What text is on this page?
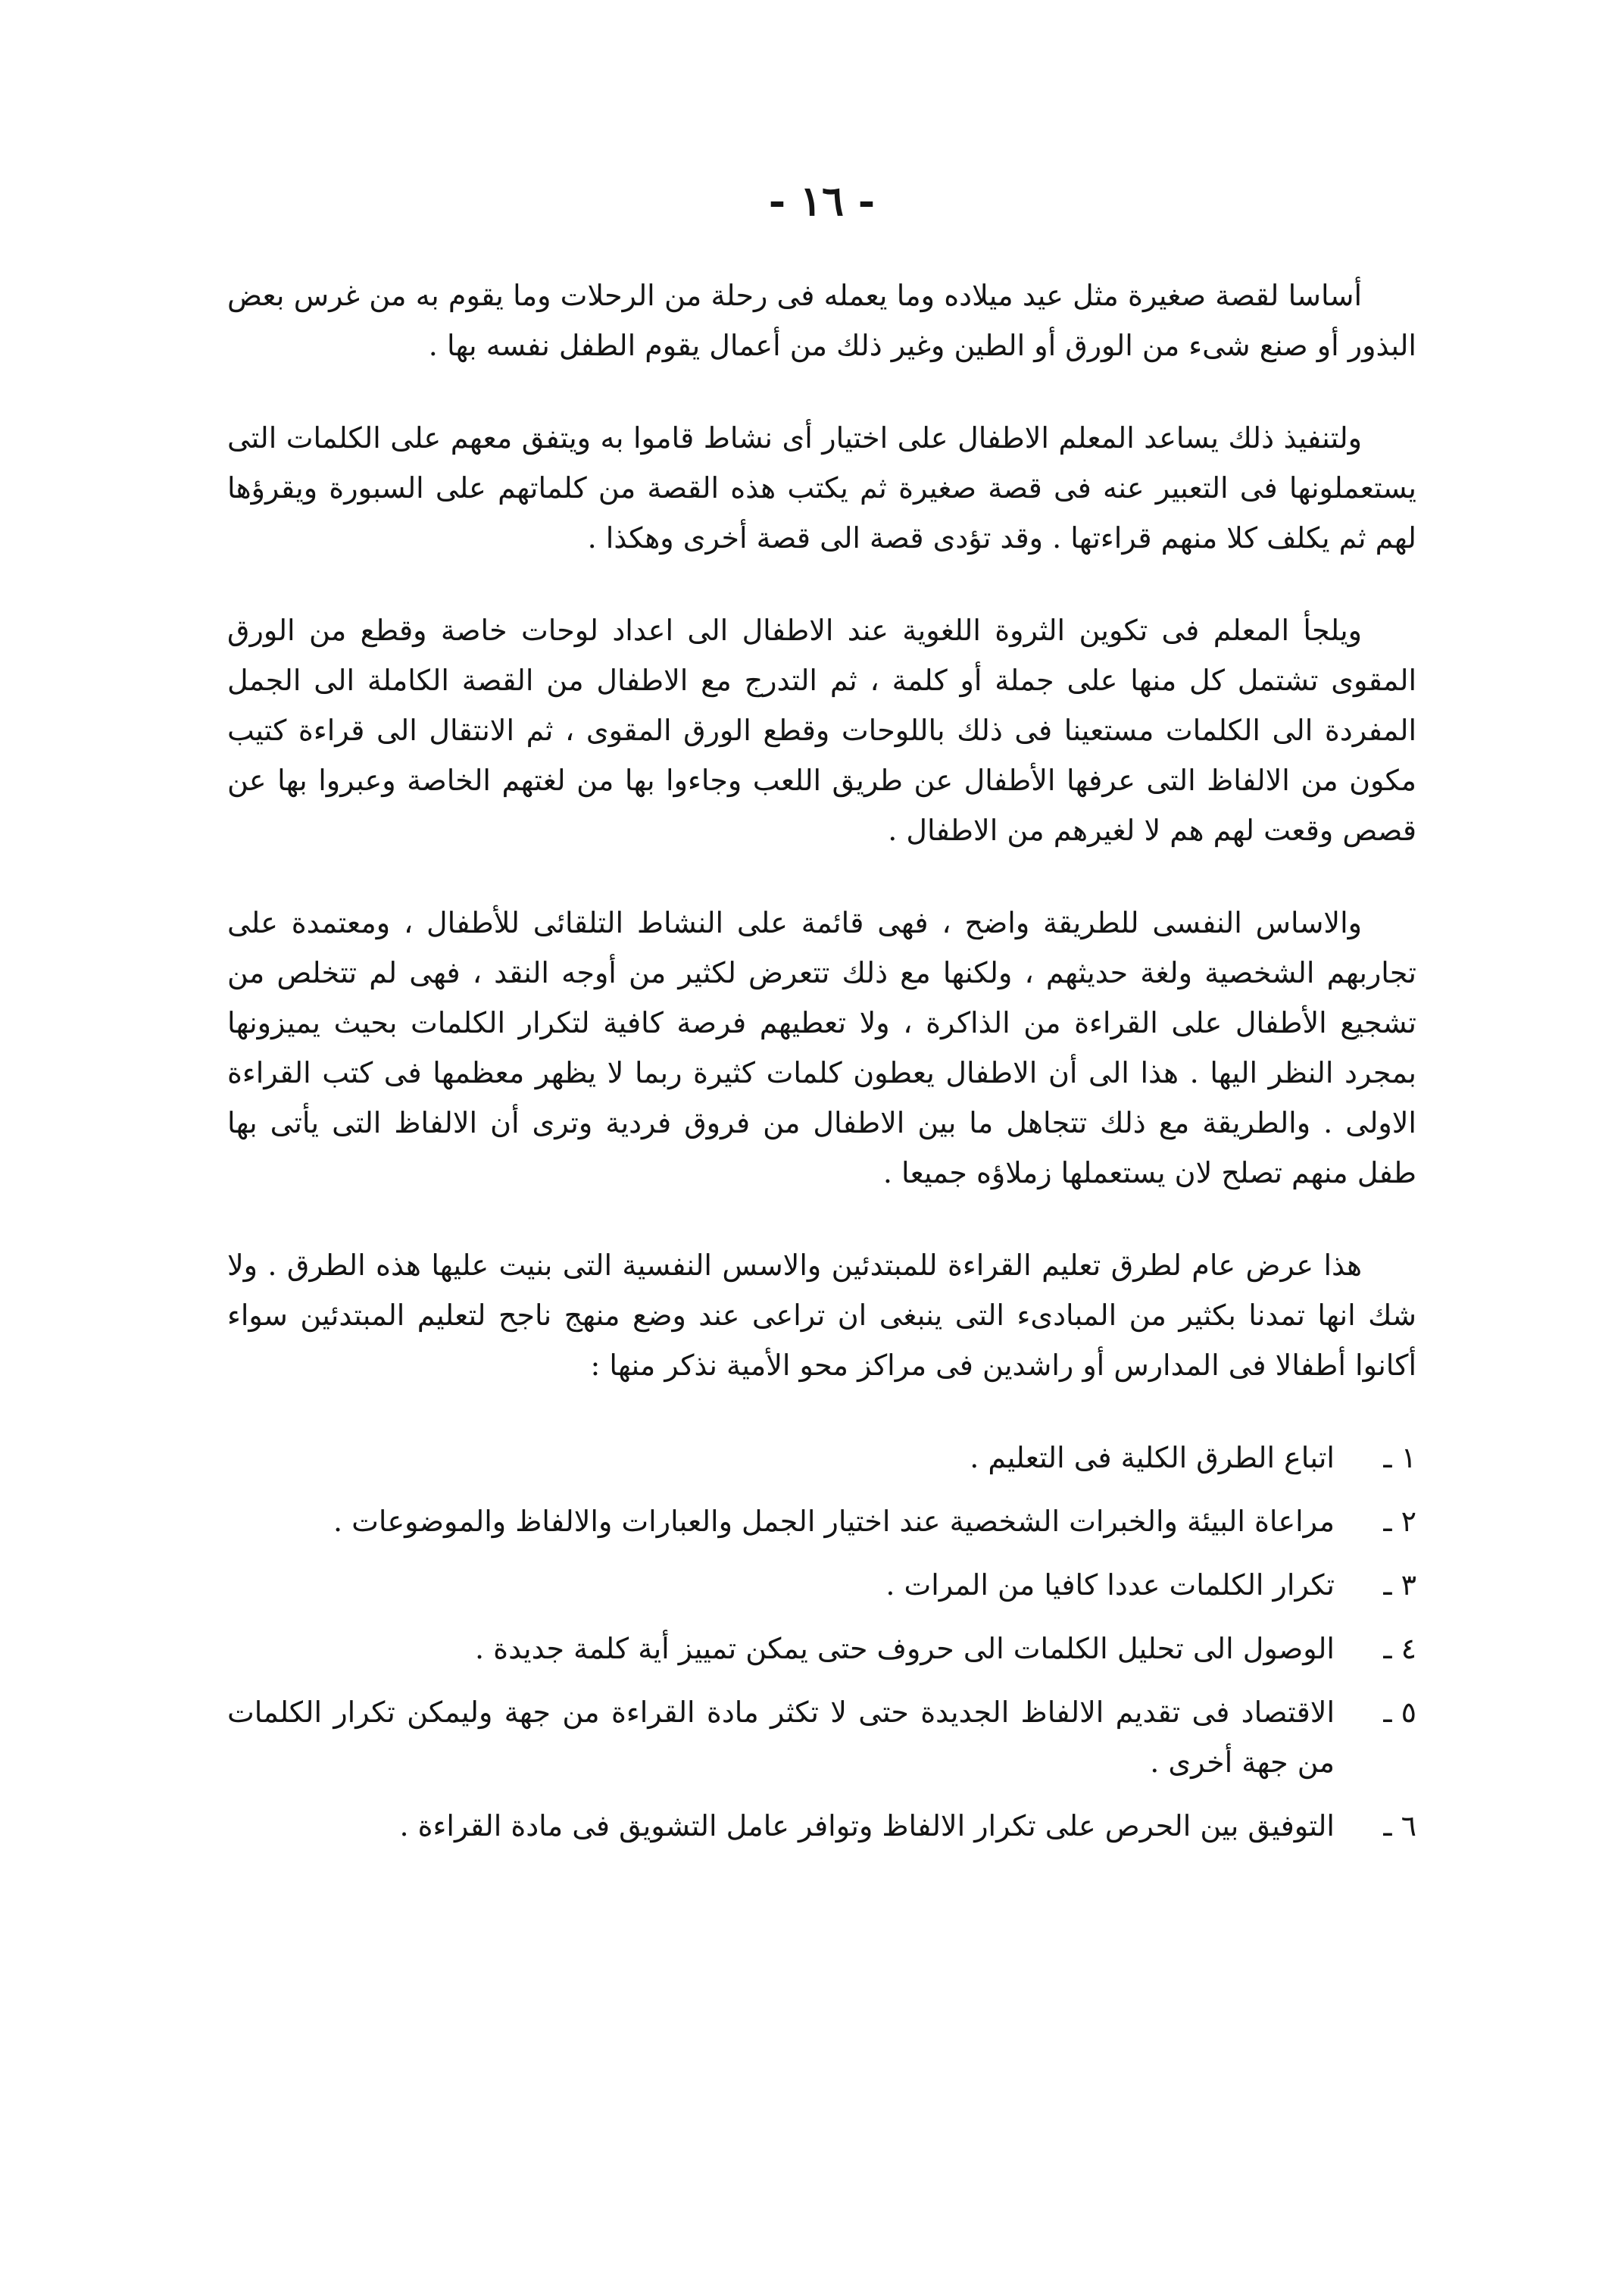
- ١٦ -

أساسا لقصة صغيرة مثل عيد ميلاده وما يعمله فى رحلة من الرحلات وما يقوم به من غرس بعض البذور أو صنع شىء من الورق أو الطين وغير ذلك من أعمال يقوم الطفل نفسه بها .

ولتنفيذ ذلك يساعد المعلم الاطفال على اختيار أى نشاط قاموا به ويتفق معهم على الكلمات التى يستعملونها فى التعبير عنه فى قصة صغيرة ثم يكتب هذه القصة من كلماتهم على السبورة ويقرؤها لهم ثم يكلف كلا منهم قراءتها . وقد تؤدى قصة الى قصة أخرى وهكذا .

ويلجأ المعلم فى تكوين الثروة اللغوية عند الاطفال الى اعداد لوحات خاصة وقطع من الورق المقوى تشتمل كل منها على جملة أو كلمة ، ثم التدرج مع الاطفال من القصة الكاملة الى الجمل المفردة الى الكلمات مستعينا فى ذلك باللوحات وقطع الورق المقوى ، ثم الانتقال الى قراءة كتيب مكون من الالفاظ التى عرفها الأطفال عن طريق اللعب وجاءوا بها من لغتهم الخاصة وعبروا بها عن قصص وقعت لهم هم لا لغيرهم من الاطفال .

والاساس النفسى للطريقة واضح ، فهى قائمة على النشاط التلقائى للأطفال ، ومعتمدة على تجاربهم الشخصية ولغة حديثهم ، ولكنها مع ذلك تتعرض لكثير من أوجه النقد ، فهى لم تتخلص من تشجيع الأطفال على القراءة من الذاكرة ، ولا تعطيهم فرصة كافية لتكرار الكلمات بحيث يميزونها بمجرد النظر اليها . هذا الى أن الاطفال يعطون كلمات كثيرة ربما لا يظهر معظمها فى كتب القراءة الاولى . والطريقة مع ذلك تتجاهل ما بين الاطفال من فروق فردية وترى أن الالفاظ التى يأتى بها طفل منهم تصلح لان يستعملها زملاؤه جميعا .

هذا عرض عام لطرق تعليم القراءة للمبتدئين والاسس النفسية التى بنيت عليها هذه الطرق . ولا شك انها تمدنا بكثير من المبادىء التى ينبغى ان تراعى عند وضع منهج ناجح لتعليم المبتدئين سواء أكانوا أطفالا فى المدارس أو راشدين فى مراكز محو الأمية نذكر منها :

١ ـ
اتباع الطرق الكلية فى التعليم .
٢ ـ
مراعاة البيئة والخبرات الشخصية عند اختيار الجمل والعبارات والالفاظ والموضوعات .
٣ ـ
تكرار الكلمات عددا كافيا من المرات .
٤ ـ
الوصول الى تحليل الكلمات الى حروف حتى يمكن تمييز أية كلمة جديدة .
٥ ـ
الاقتصاد فى تقديم الالفاظ الجديدة حتى لا تكثر مادة القراءة من جهة وليمكن تكرار الكلمات من جهة أخرى .
٦ ـ
التوفيق بين الحرص على تكرار الالفاظ وتوافر عامل التشويق فى مادة القراءة .
